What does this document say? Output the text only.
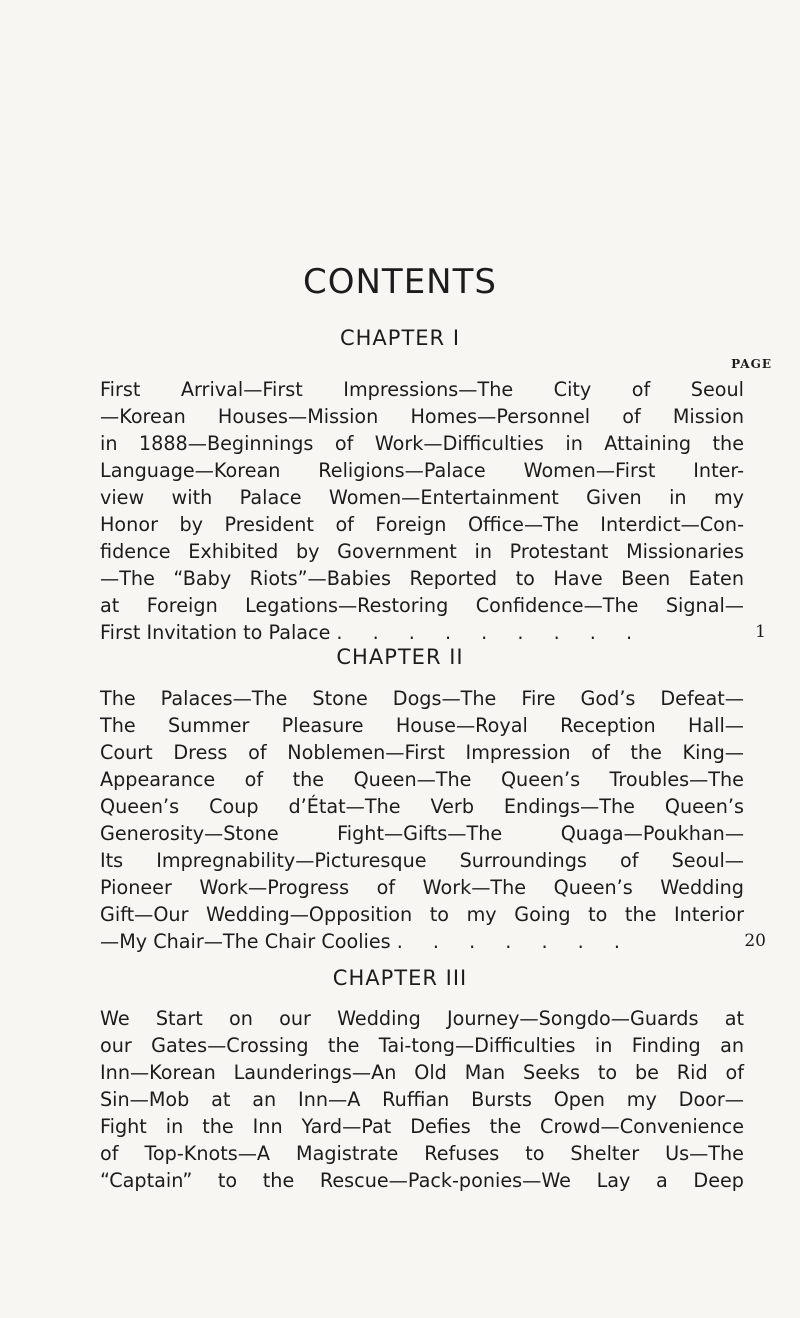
CONTENTS
CHAPTER I
PAGE
First Arrival—First Impressions—The City of Seoul
—Korean Houses—Mission Homes—Personnel of Mission
in 1888—Beginnings of Work—Difficulties in Attaining the
Language—Korean Religions—Palace Women—First Inter-
view with Palace Women—Entertainment Given in my
Honor by President of Foreign Office—The Interdict—Con-
fidence Exhibited by Government in Protestant Missionaries
—The “Baby Riots”—Babies Reported to Have Been Eaten
at Foreign Legations—Restoring Confidence—The Signal—
First Invitation to Palace . . . . . . . . .	1
CHAPTER II
The Palaces—The Stone Dogs—The Fire God’s Defeat—
The Summer Pleasure House—Royal Reception Hall—
Court Dress of Noblemen—First Impression of the King—
Appearance of the Queen—The Queen’s Troubles—The
Queen’s Coup d’État—The Verb Endings—The Queen’s
Generosity—Stone Fight—Gifts—The Quaga—Poukhan—
Its Impregnability—Picturesque Surroundings of Seoul—
Pioneer Work—Progress of Work—The Queen’s Wedding
Gift—Our Wedding—Opposition to my Going to the Interior
—My Chair—The Chair Coolies . . . . . . .	20
CHAPTER III
We Start on our Wedding Journey—Songdo—Guards at
our Gates—Crossing the Tai-tong—Difficulties in Finding an
Inn—Korean Launderings—An Old Man Seeks to be Rid of
Sin—Mob at an Inn—A Ruffian Bursts Open my Door—
Fight in the Inn Yard—Pat Defies the Crowd—Convenience
of Top-Knots—A Magistrate Refuses to Shelter Us—The
“Captain” to the Rescue—Pack-ponies—We Lay a Deep
